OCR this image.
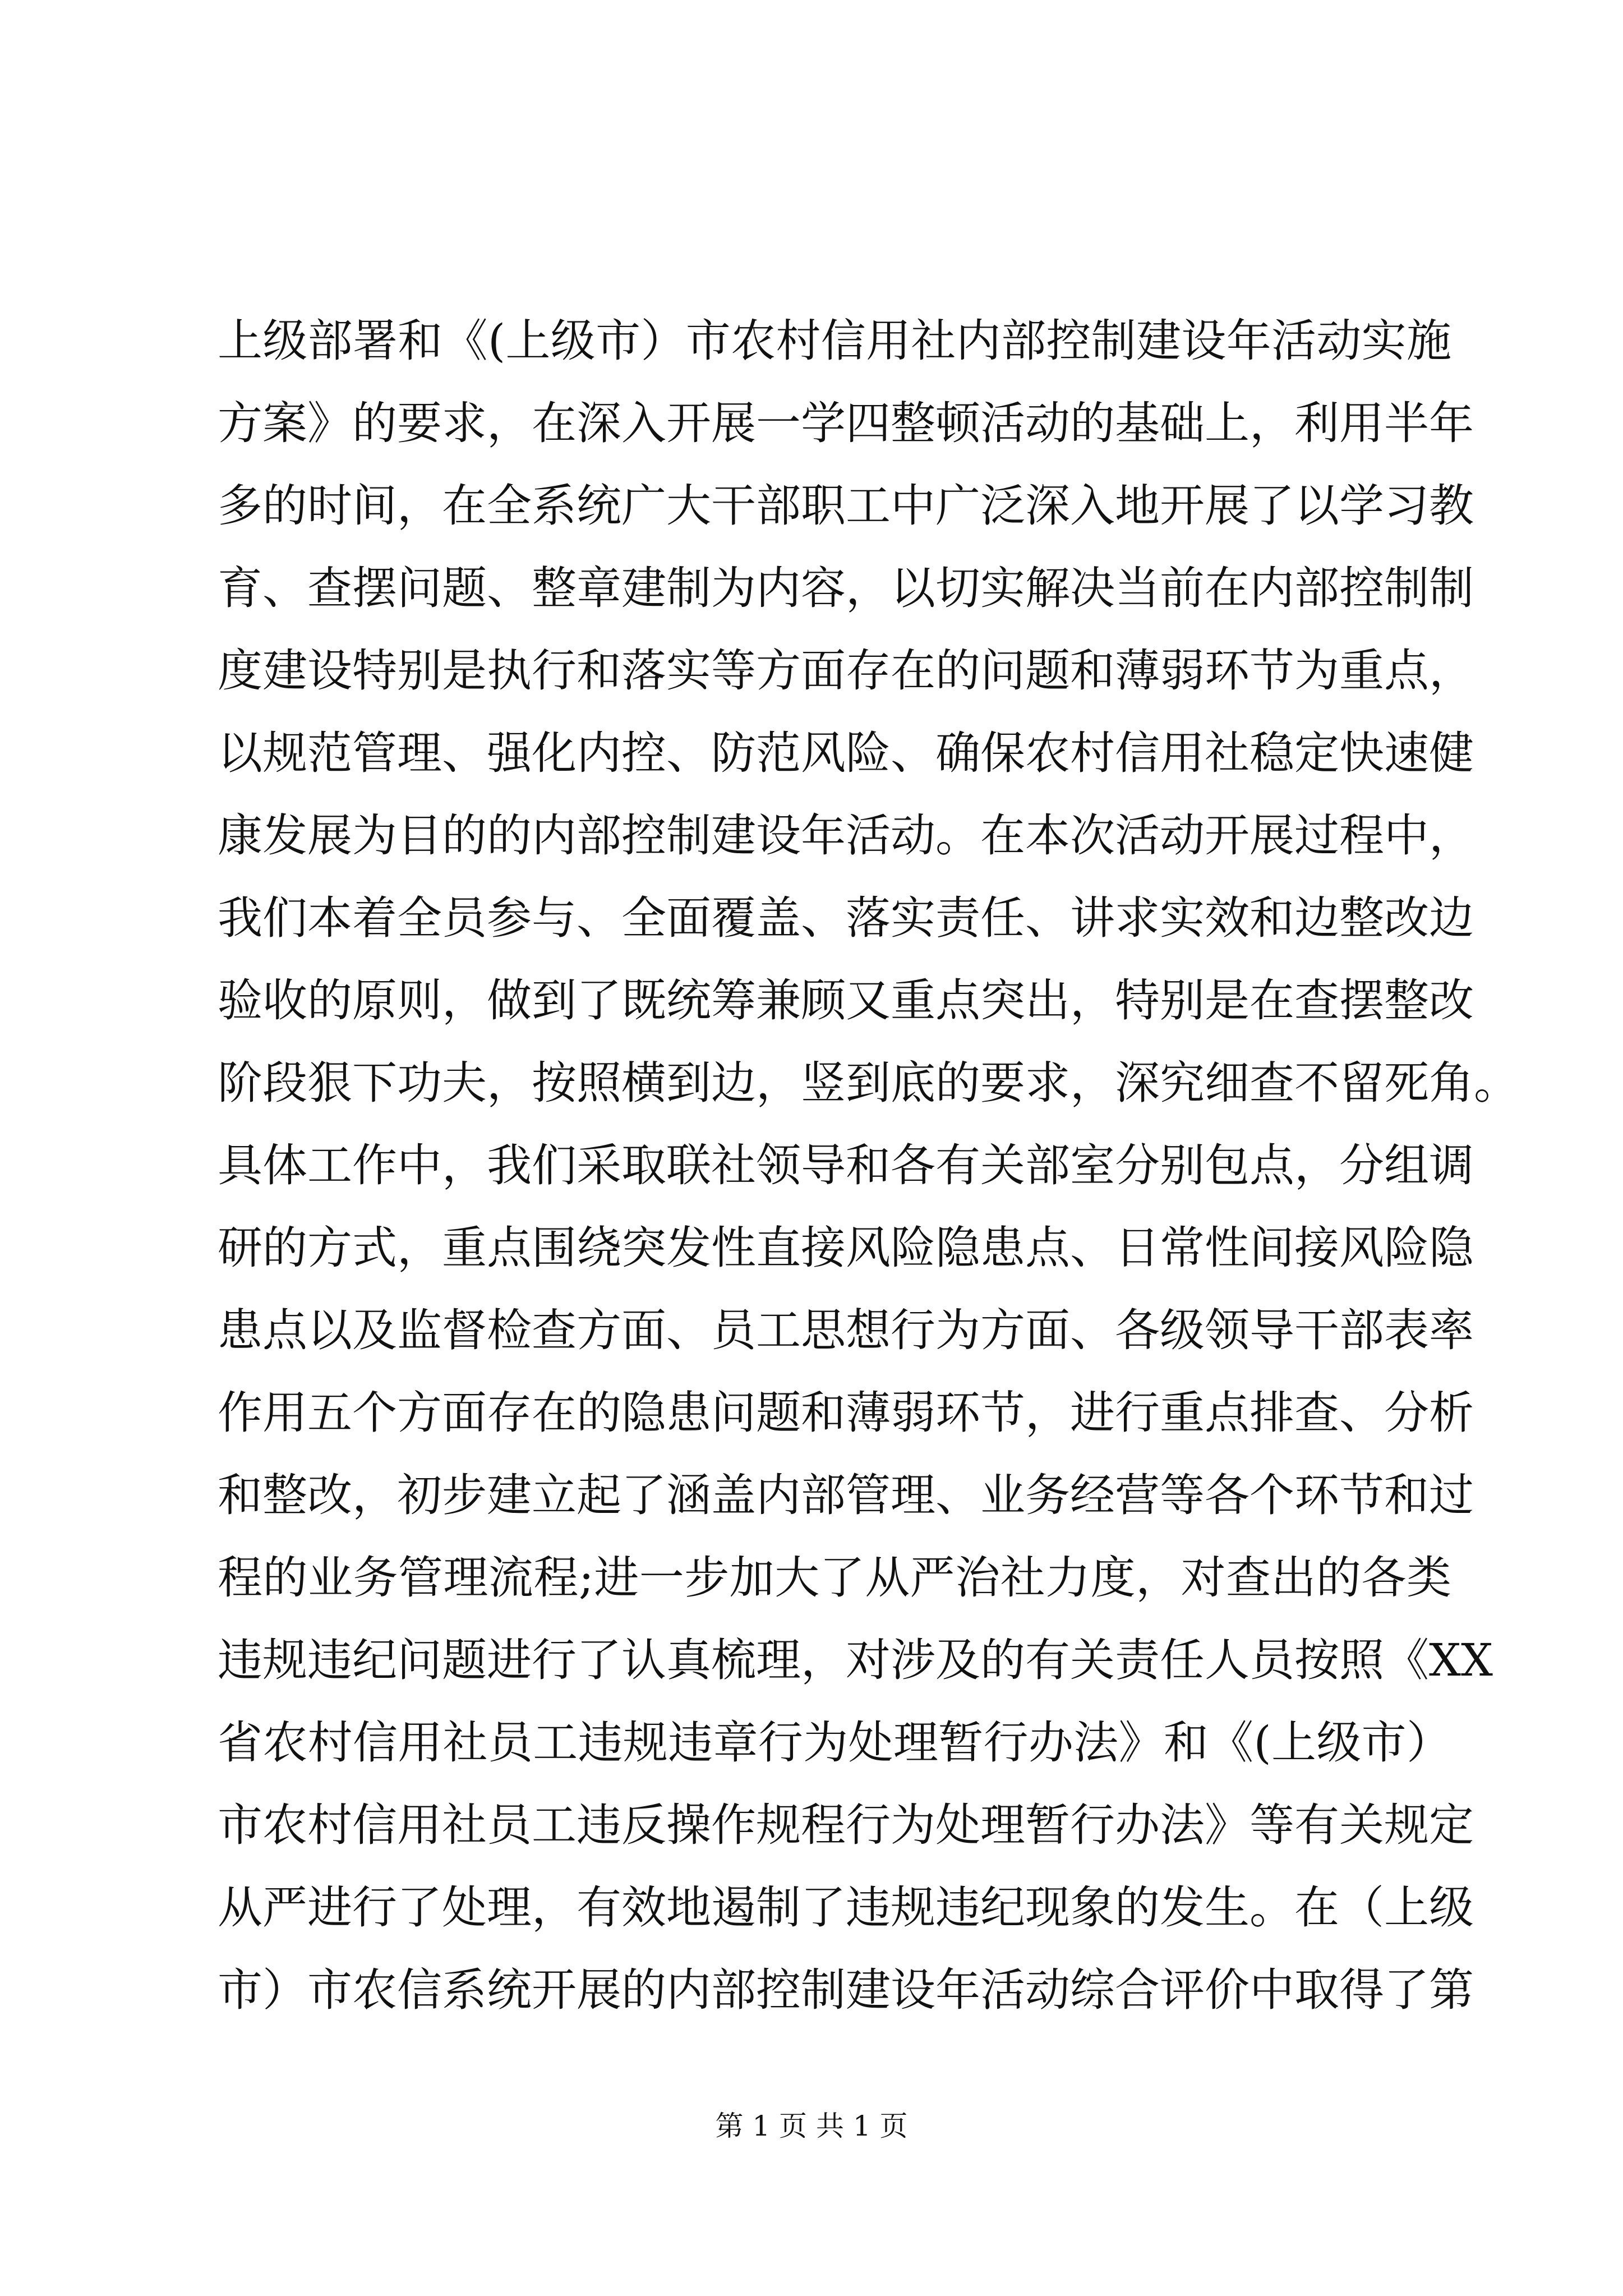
上级部署和《(上级市）市农村信用社内部控制建设年活动实施
方案》的要求，在深入开展一学四整顿活动的基础上，利用半年
多的时间，在全系统广大干部职工中广泛深入地开展了以学习教
育、查摆问题、整章建制为内容，以切实解决当前在内部控制制
度建设特别是执行和落实等方面存在的问题和薄弱环节为重点，
以规范管理、强化内控、防范风险、确保农村信用社稳定快速健
康发展为目的的内部控制建设年活动。在本次活动开展过程中，
我们本着全员参与、全面覆盖、落实责任、讲求实效和边整改边
验收的原则，做到了既统筹兼顾又重点突出，特别是在查摆整改
阶段狠下功夫，按照横到边，竖到底的要求，深究细查不留死角。
具体工作中，我们采取联社领导和各有关部室分别包点，分组调
研的方式，重点围绕突发性直接风险隐患点、日常性间接风险隐
患点以及监督检查方面、员工思想行为方面、各级领导干部表率
作用五个方面存在的隐患问题和薄弱环节，进行重点排查、分析
和整改，初步建立起了涵盖内部管理、业务经营等各个环节和过
程的业务管理流程;进一步加大了从严治社力度，对查出的各类
违规违纪问题进行了认真梳理，对涉及的有关责任人员按照《XX
省农村信用社员工违规违章行为处理暂行办法》和《(上级市）
市农村信用社员工违反操作规程行为处理暂行办法》等有关规定
从严进行了处理，有效地遏制了违规违纪现象的发生。在（上级
市）市农信系统开展的内部控制建设年活动综合评价中取得了第
第 1 页 共 1 页
